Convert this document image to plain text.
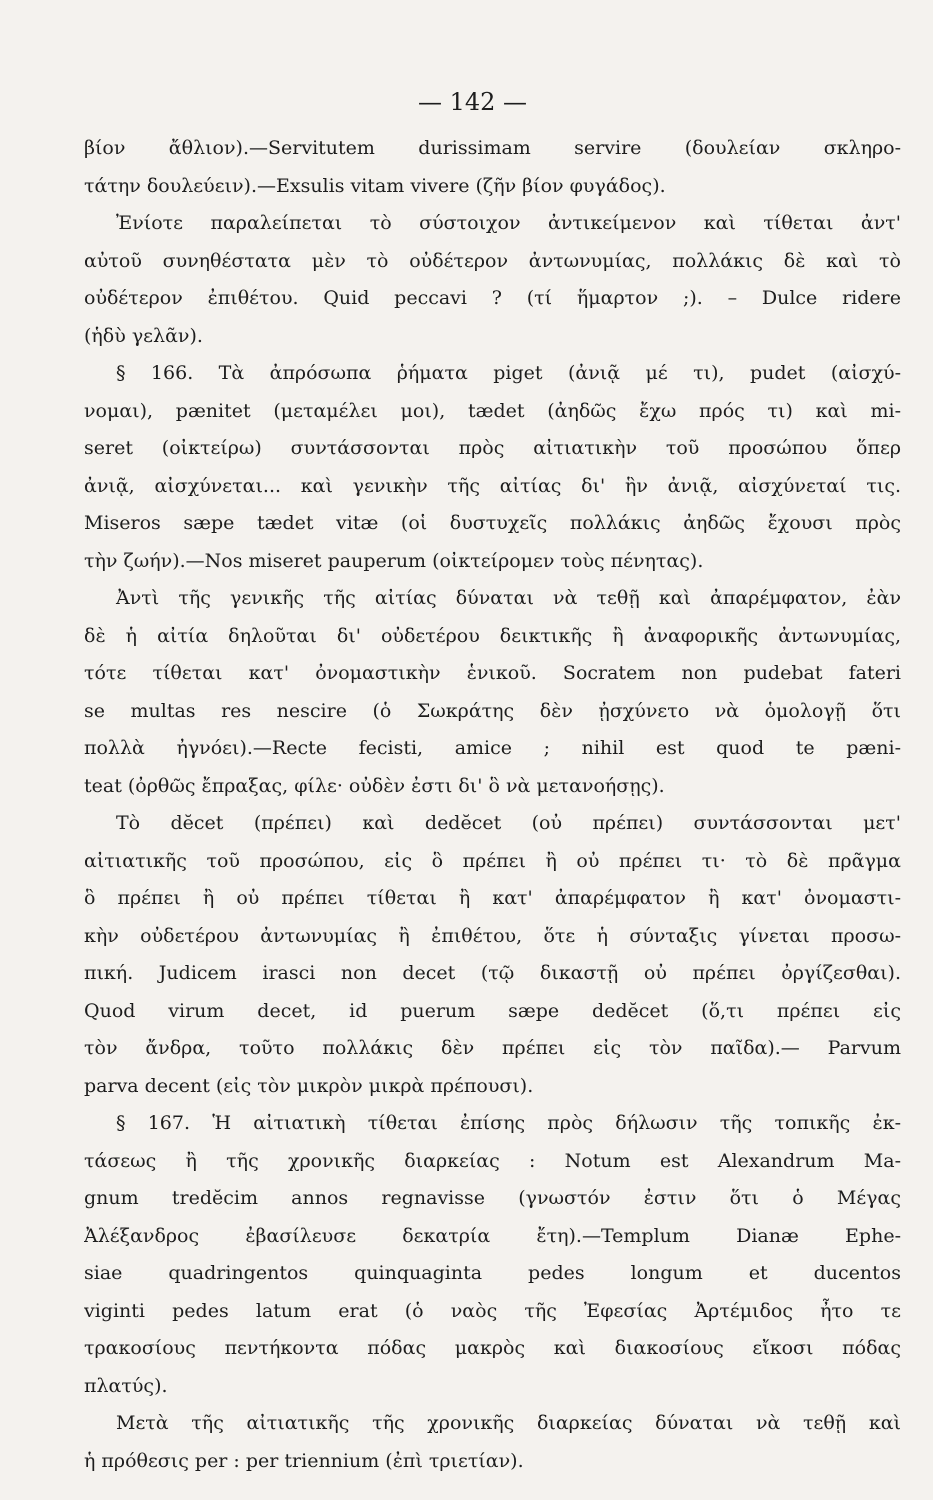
— 142 —
βίον ἄθλιον).—Servitutem durissimam servire (δουλείαν σκληρο-
τάτην δουλεύειν).—Exsulis vitam vivere (ζῆν βίον φυγάδος).
Ἐνίοτε παραλείπεται τὸ σύστοιχον ἀντικείμενον καὶ τίθεται ἀντ'
αὐτοῦ συνηθέστατα μὲν τὸ οὐδέτερον ἀντωνυμίας, πολλάκις δὲ καὶ τὸ
οὐδέτερον ἐπιθέτου. Quid peccavi ? (τί ἥμαρτον ;). – Dulce ridere
(ἡδὺ γελᾶν).
§ 166. Τὰ ἀπρόσωπα ῥήματα piget (ἀνιᾷ μέ τι), pudet (αἰσχύ-
νομαι), pænitet (μεταμέλει μοι), tædet (ἀηδῶς ἔχω πρός τι) καὶ mi-
seret (οἰκτείρω) συντάσσονται πρὸς αἰτιατικὴν τοῦ προσώπου ὅπερ
ἀνιᾷ, αἰσχύνεται... καὶ γενικὴν τῆς αἰτίας δι' ἣν ἀνιᾷ, αἰσχύνεταί τις.
Miseros sæpe tædet vitæ (οἱ δυστυχεῖς πολλάκις ἀηδῶς ἔχουσι πρὸς
τὴν ζωήν).—Nos miseret pauperum (οἰκτείρομεν τοὺς πένητας).
Ἀντὶ τῆς γενικῆς τῆς αἰτίας δύναται νὰ τεθῇ καὶ ἀπαρέμφατον, ἐὰν
δὲ ἡ αἰτία δηλοῦται δι' οὐδετέρου δεικτικῆς ἢ ἀναφορικῆς ἀντωνυμίας,
τότε τίθεται κατ' ὀνομαστικὴν ἑνικοῦ. Socratem non pudebat fateri
se multas res nescire (ὁ Σωκράτης δὲν ᾐσχύνετο νὰ ὁμολογῇ ὅτι
πολλὰ ἠγνόει).—Recte fecisti, amice ; nihil est quod te pæni-
teat (ὀρθῶς ἔπραξας, φίλε· οὐδὲν ἐστι δι' ὃ νὰ μετανοήσῃς).
Τὸ dĕcet (πρέπει) καὶ dedĕcet (οὐ πρέπει) συντάσσονται μετ'
αἰτιατικῆς τοῦ προσώπου, εἰς ὃ πρέπει ἢ οὐ πρέπει τι· τὸ δὲ πρᾶγμα
ὃ πρέπει ἢ οὐ πρέπει τίθεται ἢ κατ' ἀπαρέμφατον ἢ κατ' ὀνομαστι-
κὴν οὐδετέρου ἀντωνυμίας ἢ ἐπιθέτου, ὅτε ἡ σύνταξις γίνεται προσω-
πική. Judicem irasci non decet (τῷ δικαστῇ οὐ πρέπει ὀργίζεσθαι).
Quod virum decet, id puerum sæpe dedĕcet (ὅ,τι πρέπει εἰς
τὸν ἄνδρα, τοῦτο πολλάκις δὲν πρέπει εἰς τὸν παῖδα).— Parvum
parva decent (εἰς τὸν μικρὸν μικρὰ πρέπουσι).
§ 167. Ἡ αἰτιατικὴ τίθεται ἐπίσης πρὸς δήλωσιν τῆς τοπικῆς ἐκ-
τάσεως ἢ τῆς χρονικῆς διαρκείας : Notum est Alexandrum Ma-
gnum tredĕcim annos regnavisse (γνωστόν ἐστιν ὅτι ὁ Μέγας
Ἀλέξανδρος ἐβασίλευσε δεκατρία ἔτη).—Templum Dianæ Ephe-
siae quadringentos quinquaginta pedes longum et ducentos
viginti pedes latum erat (ὁ ναὸς τῆς Ἐφεσίας Ἀρτέμιδος ἦτο τε
τρακοσίους πεντήκοντα πόδας μακρὸς καὶ διακοσίους εἴκοσι πόδας
πλατύς).
Μετὰ τῆς αἰτιατικῆς τῆς χρονικῆς διαρκείας δύναται νὰ τεθῇ καὶ
ἡ πρόθεσις per : per triennium (ἐπὶ τριετίαν).
